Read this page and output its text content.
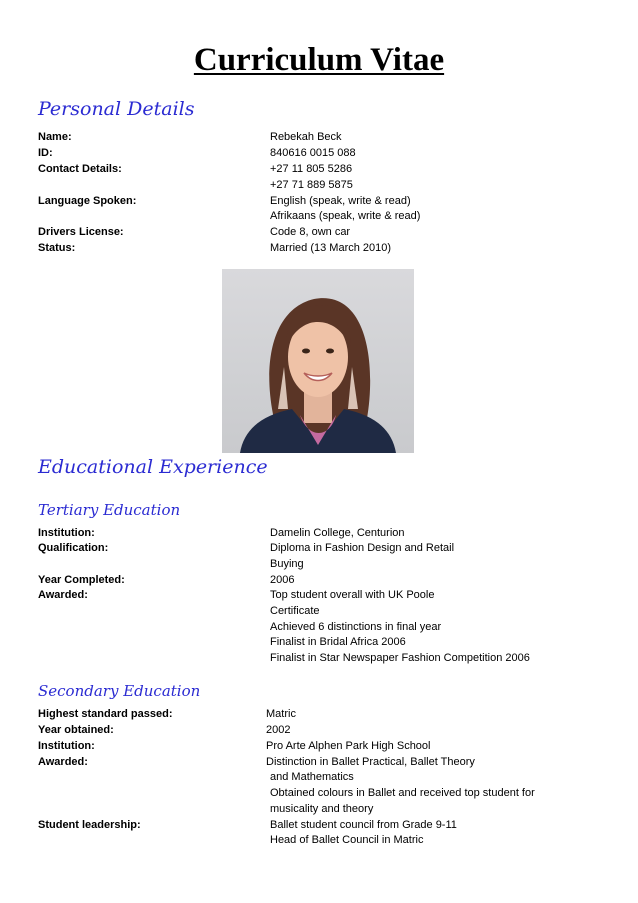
Curriculum Vitae
Personal Details
Name:	Rebekah Beck
ID:	840616 0015 088
Contact Details:	+27 11 805 5286
+27 71 889 5875
Language Spoken:	English (speak, write & read)
Afrikaans (speak, write & read)
Drivers License:	Code 8, own car
Status:	Married (13 March 2010)
Educational Experience
Tertiary Education
Institution:	Damelin College, Centurion
Qualification:	Diploma in Fashion Design and Retail
Buying
Year Completed:	2006
Awarded:	Top student overall with UK Poole
Certificate
Achieved 6 distinctions in final year
Finalist in Bridal Africa 2006
Finalist in Star Newspaper Fashion Competition 2006
Secondary Education
Highest standard passed:	Matric
Year obtained:	2002
Institution:	Pro Arte Alphen Park High School
Awarded:	Distinction in Ballet Practical, Ballet Theory
and Mathematics
Obtained colours in Ballet and received top student for
musicality and theory
Student leadership:	Ballet student council from Grade 9-11
Head of Ballet Council in Matric
